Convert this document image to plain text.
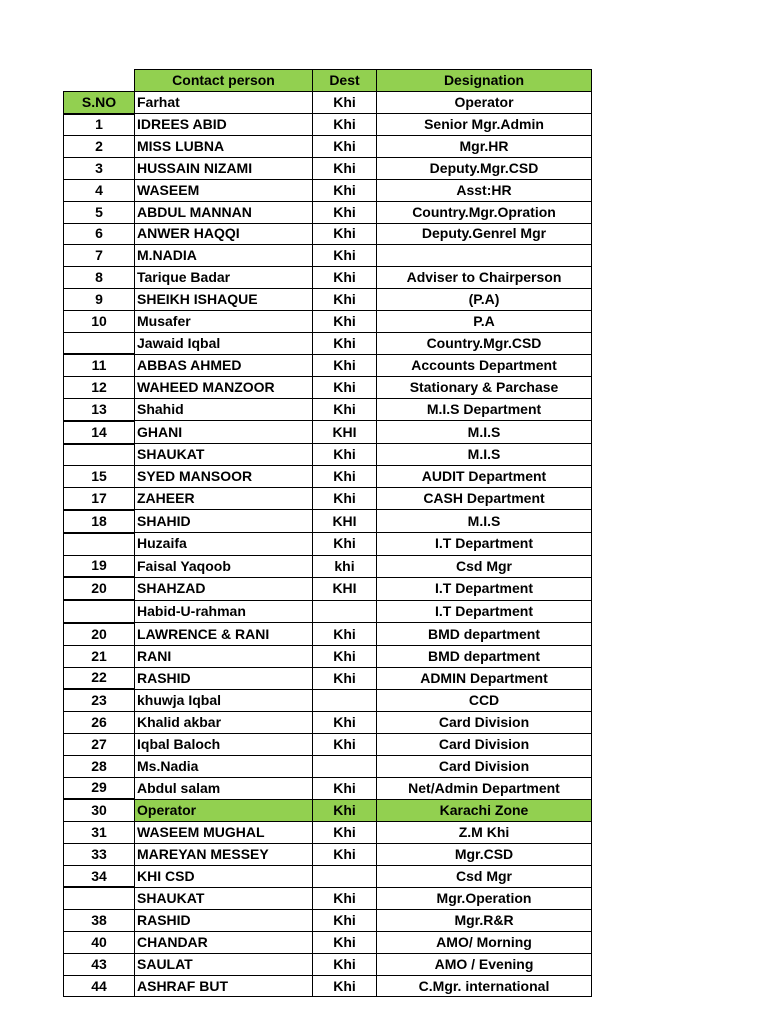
	Contact person	Dest	Designation
S.NO	Farhat	Khi	Operator
1	IDREES ABID	Khi	Senior Mgr.Admin
2	MISS LUBNA	Khi	Mgr.HR
3	HUSSAIN NIZAMI	Khi	Deputy.Mgr.CSD
4	WASEEM	Khi	Asst:HR
5	ABDUL MANNAN	Khi	Country.Mgr.Opration
6	ANWER HAQQI	Khi	Deputy.Genrel Mgr
7	M.NADIA	Khi	
8	Tarique Badar	Khi	Adviser to Chairperson
9	SHEIKH ISHAQUE	Khi	(P.A)
10	Musafer	Khi	P.A
	Jawaid Iqbal	Khi	Country.Mgr.CSD
11	ABBAS AHMED	Khi	Accounts Department
12	WAHEED MANZOOR	Khi	Stationary & Parchase
13	Shahid	Khi	M.I.S Department
14	GHANI	KHI	M.I.S
	SHAUKAT	Khi	M.I.S
15	SYED MANSOOR	Khi	AUDIT Department
17	ZAHEER	Khi	CASH Department
18	SHAHID	KHI	M.I.S
	Huzaifa	Khi	I.T Department
19	Faisal Yaqoob	khi	Csd Mgr
20	SHAHZAD	KHI	I.T Department
	Habid-U-rahman		I.T Department
20	LAWRENCE & RANI	Khi	BMD department
21	RANI	Khi	BMD department
22	RASHID	Khi	ADMIN Department
23	khuwja Iqbal		CCD
26	Khalid akbar	Khi	Card Division
27	Iqbal Baloch	Khi	Card Division
28	Ms.Nadia		Card Division
29	Abdul salam	Khi	Net/Admin Department
30	Operator	Khi	Karachi Zone
31	WASEEM MUGHAL	Khi	Z.M Khi
33	MAREYAN MESSEY	Khi	Mgr.CSD
34	KHI CSD		Csd Mgr
	SHAUKAT	Khi	Mgr.Operation
38	RASHID	Khi	Mgr.R&R
40	CHANDAR	Khi	AMO/ Morning
43	SAULAT	Khi	AMO / Evening
44	ASHRAF BUT	Khi	C.Mgr. international
